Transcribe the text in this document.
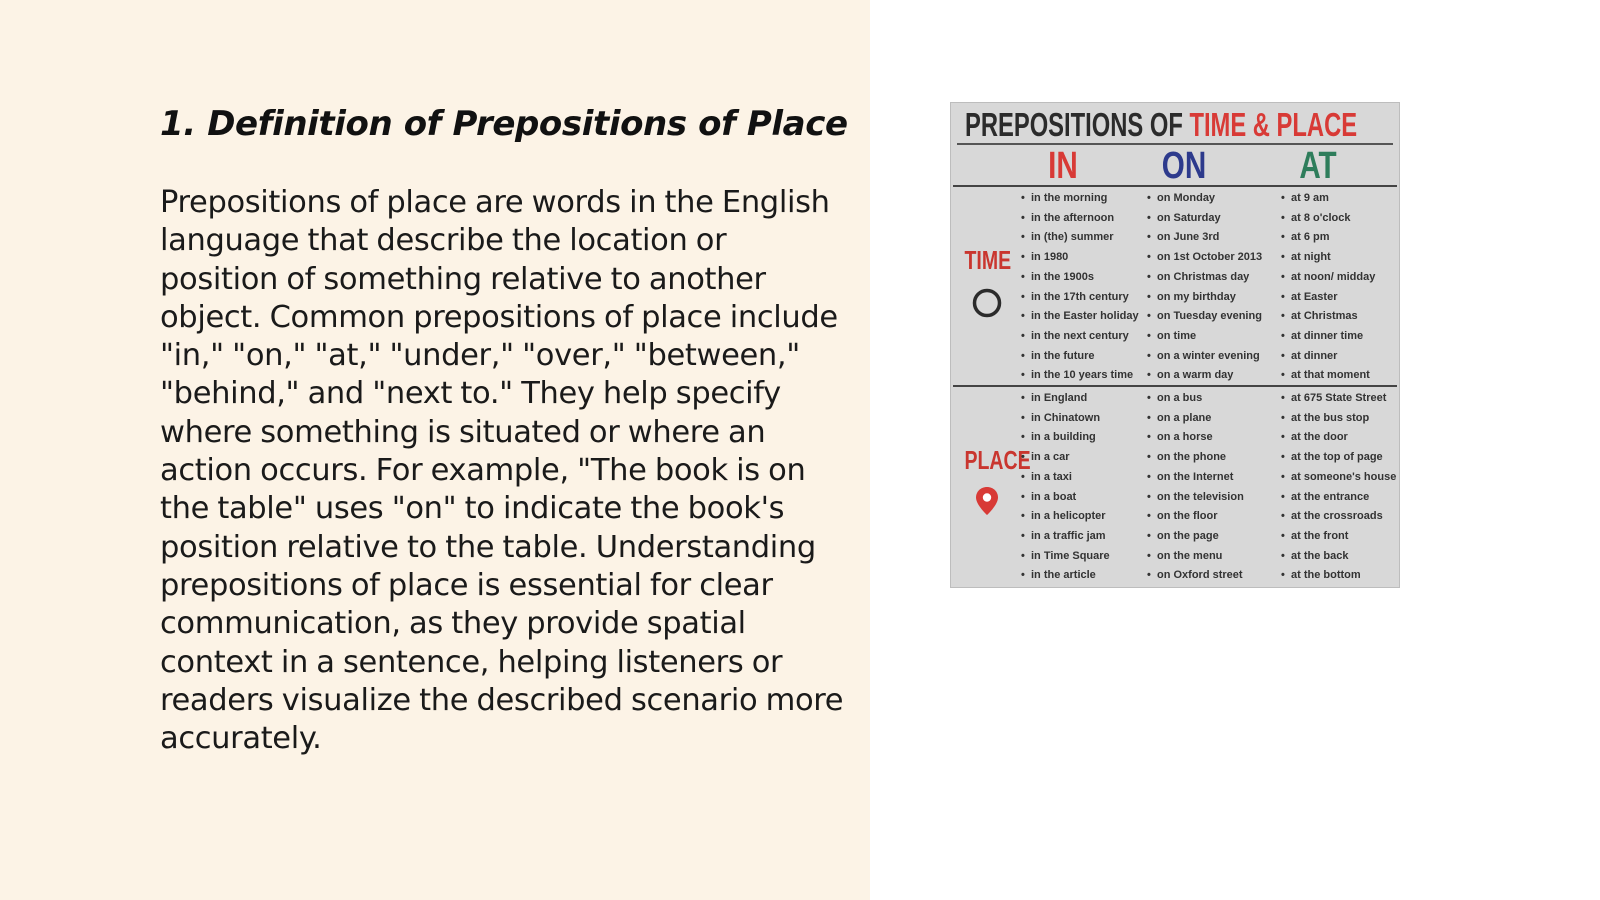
1. Definition of Prepositions of Place

Prepositions of place are words in the English language that describe the location or position of something relative to another object. Common prepositions of place include "in," "on," "at," "under," "over," "between," "behind," and "next to." They help specify where something is situated or where an action occurs. For example, "The book is on the table" uses "on" to indicate the book's position relative to the table. Understanding prepositions of place is essential for clear communication, as they provide spatial context in a sentence, helping listeners or readers visualize the described scenario more accurately.

PREPOSITIONS OF TIME & PLACE
IN	ON	AT
TIME
• in the morning
• in the afternoon
• in (the) summer
• in 1980
• in the 1900s
• in the 17th century
• in the Easter holiday
• in the next century
• in the future
• in the 10 years time
• on Monday
• on Saturday
• on June 3rd
• on 1st October 2013
• on Christmas day
• on my birthday
• on Tuesday evening
• on time
• on a winter evening
• on a warm day
• at 9 am
• at 8 o'clock
• at 6 pm
• at night
• at noon/ midday
• at Easter
• at Christmas
• at dinner time
• at dinner
• at that moment
PLACE
• in England
• in Chinatown
• in a building
• in a car
• in a taxi
• in a boat
• in a helicopter
• in a traffic jam
• in Time Square
• in the article
• on a bus
• on a plane
• on a horse
• on the phone
• on the Internet
• on the television
• on the floor
• on the page
• on the menu
• on Oxford street
• at 675 State Street
• at the bus stop
• at the door
• at the top of page
• at someone's house
• at the entrance
• at the crossroads
• at the front
• at the back
• at the bottom
